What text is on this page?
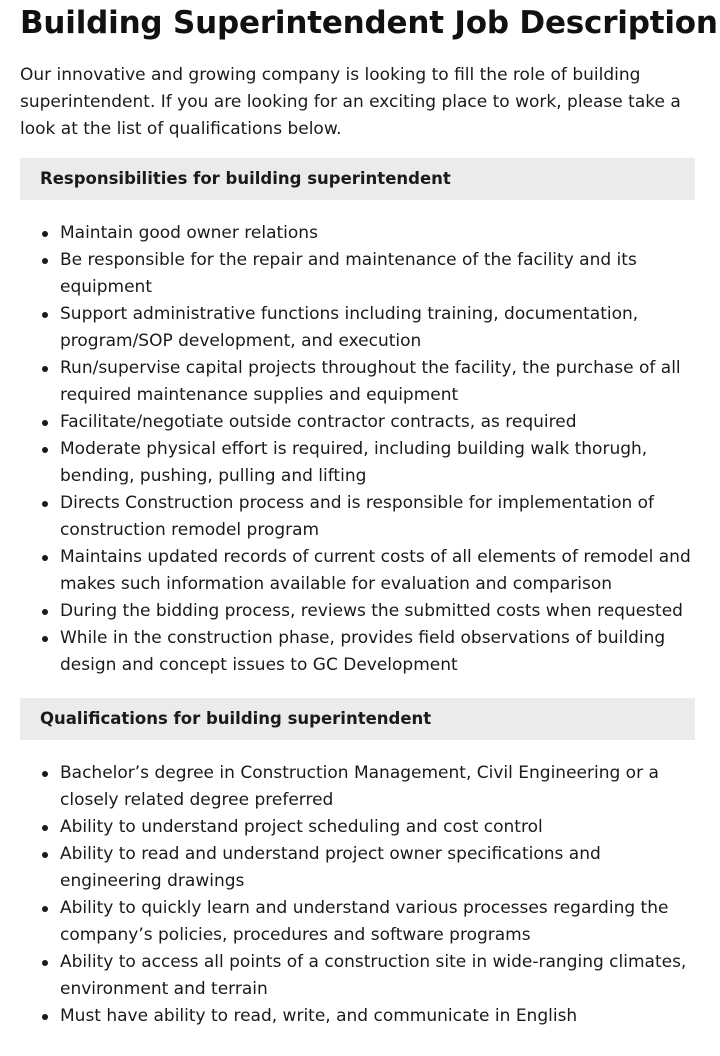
Building Superintendent Job Description

Our innovative and growing company is looking to fill the role of building superintendent. If you are looking for an exciting place to work, please take a look at the list of qualifications below.

Responsibilities for building superintendent
Maintain good owner relations
Be responsible for the repair and maintenance of the facility and its equipment
Support administrative functions including training, documentation, program/SOP development, and execution
Run/supervise capital projects throughout the facility, the purchase of all required maintenance supplies and equipment
Facilitate/negotiate outside contractor contracts, as required
Moderate physical effort is required, including building walk thorugh, bending, pushing, pulling and lifting
Directs Construction process and is responsible for implementation of construction remodel program
Maintains updated records of current costs of all elements of remodel and makes such information available for evaluation and comparison
During the bidding process, reviews the submitted costs when requested
While in the construction phase, provides field observations of building design and concept issues to GC Development
Qualifications for building superintendent
Bachelor’s degree in Construction Management, Civil Engineering or a closely related degree preferred
Ability to understand project scheduling and cost control
Ability to read and understand project owner specifications and engineering drawings
Ability to quickly learn and understand various processes regarding the company’s policies, procedures and software programs
Ability to access all points of a construction site in wide-ranging climates, environment and terrain
Must have ability to read, write, and communicate in English
